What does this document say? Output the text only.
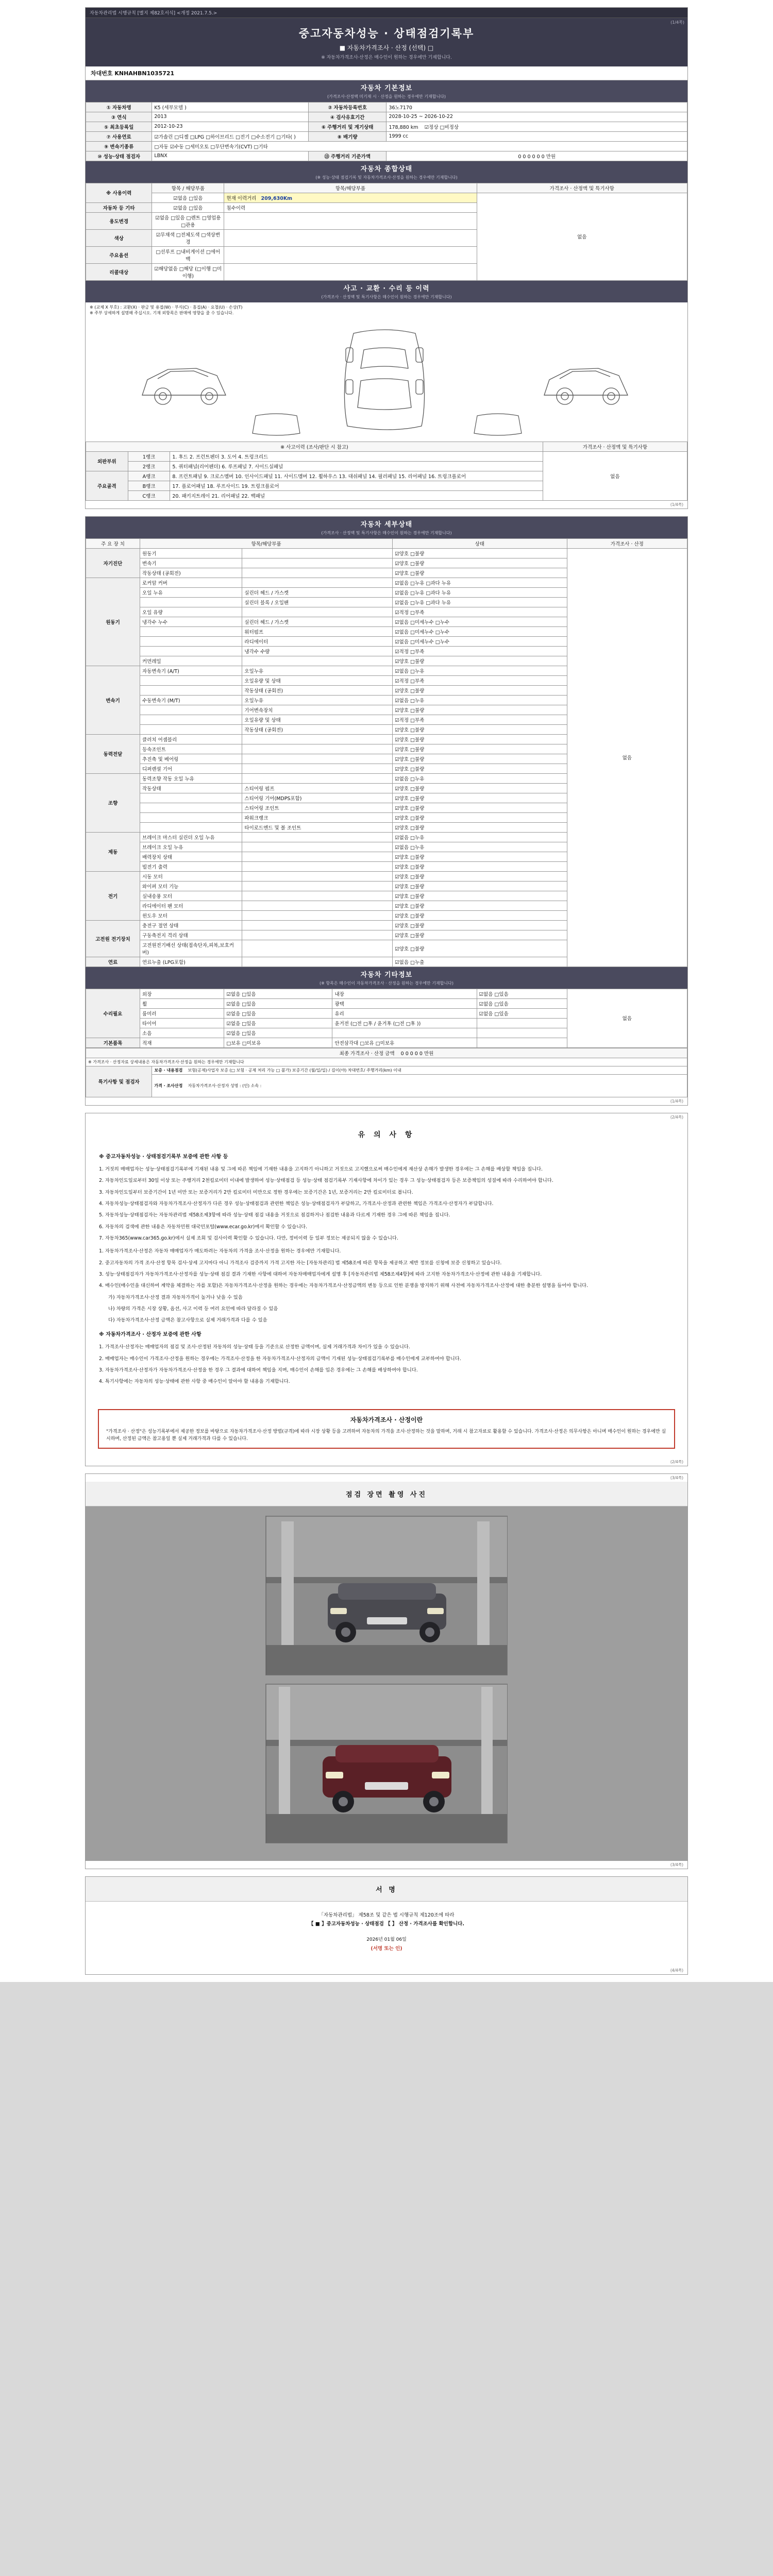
자동차관리법 시행규칙 [별지 제82호서식] <개정 2021.7.5.>
(1/4쪽)
중고자동차성능 · 상태점검기록부
■ 자동차가격조사 · 산정 (선택) □
※ 자동차가격조사·산정은 매수인이 원하는 경우에만 기재합니다.
차대번호 KNHAHBN1035721
자동차 기본정보
(가격조사·산정액 미기재 시 · 산정을 원하는 경우에만 기재합니다)
① 자동차명	K5 (세부모델 )	② 자동차등록번호	36노7170
③ 연식	2013	④ 검사유효기간	2028-10-25 ~ 2026-10-22
⑤ 최초등록일	2012-10-23	⑥ 주행거리 및 계기상태	178,880 km ☑정상 □비정상
⑦ 사용연료	☑가솔린 □디젤 □LPG □하이브리드 □전기 □수소전기 □기타( )	⑧ 배기량	1999 cc
⑨ 변속기종류	□자동 ☑수동 □세미오토 □무단변속기(CVT) □기타		
⑩ 성능·상태 점검자	LBNX	⑬ 주행거리 기준가액	0 0 0 0 0 0 만원
자동차 종합상태
(※ 성능·상태 점검기록 및 자동차가격조사·산정을 원하는 경우에만 기재합니다)
※ 사용이력	항목 / 해당부품	항목/해당부품	가격조사 · 산정액 및 특기사항
	☑없음 □있음	현재 이력거리 209,630Km	없음
자동차 등 기타	☑없음 □있음	침수이력	
용도변경	☑없음 □있음 □렌트 □영업용 □관용		
색상	☑무채색 □전체도색 □색상변경		
주요옵션	□선루프 □내비게이션 □에어백		
리콜대상	☑해당없음 □해당 (□이행 □미이행)		
사고 · 교환 · 수리 등 이력
(가격조사 · 산정액 및 특기사항은 매수인이 원하는 경우에만 기재합니다)
※ (교체 X 부호) : 교환(X) · 판금 및 용접(W) · 부식(C) · 흠집(A) · 요철(U) · 손상(T)
※ 주부 상세하게 설명해 주십시오. 기재 외항목은 판매에 영향을 줄 수 있습니다.
※ 사고이력 (조사/판단 시 참고)			가격조사 · 산정액 및 특기사항
외판부위	1랭크	1. 후드 2. 프런트펜더 3. 도어 4. 트렁크리드	없음
	2랭크	5. 쿼터패널(리어펜더) 6. 루프패널 7. 사이드실패널	
주요골격	A랭크	8. 프런트패널 9. 크로스멤버 10. 인사이드패널 11. 사이드멤버 12. 휠하우스 13. 대쉬패널 14. 필러패널 15. 리어패널 16. 트렁크플로어	
	B랭크	17. 플로어패널 18. 루프사이드 19. 트렁크플로어	
	C랭크	20. 패키지트레이 21. 리어패널 22. 백패널	
(1/4쪽)
자동차 세부상태
(가격조사 · 산정액 및 특기사항은 매수인이 원하는 경우에만 기재합니다)
주 요 장 치	항목/해당부품		상태	가격조사 · 산정
자기진단	원동기		☑양호 □불량	없음
	변속기		☑양호 □불량	
	작동상태 (공회전)		☑양호 □불량	
원동기	로커암 커버		☑없음 □누유 □과다 누유	
	오일 누유	실린더 헤드 / 가스켓	☑없음 □누유 □과다 누유	
		실린더 블록 / 오일팬	☑없음 □누유 □과다 누유	
	오일 유량		☑적정 □부족	
	냉각수 누수	실린더 헤드 / 가스켓	☑없음 □미세누수 □누수	
		워터펌프	☑없음 □미세누수 □누수	
		라디에이터	☑없음 □미세누수 □누수	
		냉각수 수량	☑적정 □부족	
	커먼레일		☑양호 □불량	
변속기	자동변속기 (A/T)	오일누유	☑없음 □누유	
		오일유량 및 상태	☑적정 □부족	
		작동상태 (공회전)	☑양호 □불량	
	수동변속기 (M/T)	오일누유	☑없음 □누유	
		기어변속장치	☑양호 □불량	
		오일유량 및 상태	☑적정 □부족	
		작동상태 (공회전)	☑양호 □불량	
동력전달	클러치 어셈블리		☑양호 □불량	
	등속조인트		☑양호 □불량	
	추진축 및 베어링		☑양호 □불량	
	디퍼렌셜 기어		☑양호 □불량	
조향	동력조향 작동 오일 누유		☑없음 □누유	
	작동상태	스티어링 펌프	☑양호 □불량	
		스티어링 기어(MDPS포함)	☑양호 □불량	
		스티어링 조인트	☑양호 □불량	
		파워크랭크	☑양호 □불량	
		타이로드엔드 및 볼 조인트	☑양호 □불량	
제동	브레이크 마스터 실린더 오일 누유		☑없음 □누유	
	브레이크 오일 누유		☑없음 □누유	
	배력장치 상태		☑양호 □불량	
	빌전기 출력		☑양호 □불량	
전기	시동 모터		☑양호 □불량	
	와이퍼 모터 기능		☑양호 □불량	
	실내송풍 모터		☑양호 □불량	
	라디에이터 팬 모터		☑양호 □불량	
	윈도우 모터		☑양호 □불량	
고전원 전기장치	충전구 절연 상태		☑양호 □불량	
	구동축전지 격리 상태		☑양호 □불량	
	고전원전기배선 상태(접속단자,피복,보호커버)		☑양호 □불량	
연료	연료누출 (LPG포함)		☑없음 □누출	
자동차 기타정보
(※ 항목은 매수인이 자동차가격조사 · 산정을 원하는 경우에만 기재합니다)
수리필요	외장	☑없음 □있음	내장	☑없음 □있음	없음
	휠	☑없음 □있음	광택	☑없음 □있음	
	룸미러	☑없음 □있음	유리	☑없음 □있음	
	타이어	☑없음 □있음	윤거전 (□전 □후 / 윤거후 (□전 □후 ))		
	소음	☑없음 □있음			
기본품목	적재	□보유 □미보유	안전삼각대 □보유 □미보유		
최종 가격조사 · 산정 금액 0 0 0 0 0 만원
※ 가격조사 · 산정자료 상세내용은 자동차가격조사·산정을 원하는 경우에만 기재합니다
특기사항 및 점검자	보증 · 내용점검 보험(공제)사업자 보증 (□ 보험 · 공제 처리 가능 □ 불가) 보증기간 (월/일/일) / 길이(야) 차대번호/ 주행거리(km) 이내
가격 · 조사산정 자동차가격조사·산정자 성명 : (인) 소속 :
(1/4쪽)
(2/4쪽)
유 의 사 항
※ 중고자동차성능 · 상태점검기록부 보증에 관한 사항 등

1. 거짓의 매매업자는 성능·상태점검기록부에 기재된 내용 및 그에 따른 책임에 기재한 내용을 고지하기 아니하고 거짓으로 고지했으로써 매수인에게 재산상 손해가 발생한 경우에는 그 손해를 배상할 책임을 집니다.

2. 자동차인도일로부터 30일 이상 또는 주행거리 2천킬로미터 이내에 발생하여 성능·상태점검 등 성능·상태 점검기록부 기재사항에 차이가 있는 경우 그 성능·상태점검자 등은 보증책임의 성질에 따라 수리하여야 합니다.

3. 자동차인도일부터 보증기간이 1년 미만 또는 보증거리가 2만 킬로미터 미만으로 정한 경우에는 보증기간은 1년, 보증거리는 2만 킬로미터로 봅니다.

4. 자동차성능·상태점검자와 자동차가격조사·산정자가 다른 경우 성능·상태점검과 관련한 책임은 성능·상태점검자가 부담하고, 가격조사·산정과 관련한 책임은 가격조사·산정자가 부담합니다.

5. 자동차성능·상태점검자는 자동차관리법 제58조제3항에 따라 성능·상태 점검 내용을 거짓으로 점검하거나 점검한 내용과 다르게 기재한 경우 그에 따른 책임을 집니다.

6. 자동차의 검색에 관한 내용은 자동차민원 대국민포털(www.ecar.go.kr)에서 확인할 수 있습니다.

7. 자동차365(www.car365.go.kr)에서 실제 조회 및 검사이력 확인할 수 있습니다. 다만, 정비이력 등 일부 정보는 제공되지 않을 수 있습니다.

1. 자동차가격조사·산정은 자동차 매매업자가 매도하려는 자동차의 가격을 조사·산정을 원하는 경우에만 기재합니다.

2. 중고자동차의 가격 조사·산정 항목 검사·상세 고지마다 아니 가격조사 검증까지 가격 고지한 자는 [자동차관리] 법 제58조에 따른 항목을 제공하고 제반 정보를 신청에 보증 신청하고 있습니다.

3. 성능·상태점검자가 자동차가격조사·산정자를 성능·상태 점검 결과 기재한 사항에 대하여 자동차매매업자에게 설명 후 [자동차관리법 제58조제4항]에 따라 고지한 자동차가격조사·산정에 관한 내용을 기재합니다.

4. 매수인(매수인을 대신하여 계약을 체결하는 자를 포함)은 자동차가격조사·산정을 원하는 경우에는 자동차가격조사·산정금액의 변동 등으로 인한 분쟁을 방지하기 위해 사전에 자동차가격조사·산정에 대한 충분한 설명을 들어야 합니다.

가) 자동차가격조사·산정 결과 자동차가격이 높거나 낮을 수 있음

나) 차량의 가격은 시장 상황, 옵션, 사고 이력 등 여러 요인에 따라 달라질 수 있음

다) 자동차가격조사·산정 금액은 참고사항으로 실제 거래가격과 다를 수 있음

※ 자동차가격조사 · 산정자 보증에 관한 사항

1. 가격조사·산정자는 매매업자의 점검 및 조사·산정된 자동차의 성능·상태 등을 기준으로 산정한 금액이며, 실제 거래가격과 차이가 있을 수 있습니다.

2. 매매업자는 매수인이 가격조사·산정을 원하는 경우에는 가격조사·산정을 한 자동차가격조사·산정자의 금액이 기재된 성능·상태점검기록부를 매수인에게 교부하여야 합니다.

3. 자동차가격조사·산정자가 자동차가격조사·산정을 한 경우 그 결과에 대하여 책임을 지며, 매수인이 손해를 입은 경우에는 그 손해를 배상하여야 합니다.

4. 특기사항에는 자동차의 성능·상태에 관한 사항 중 매수인이 알아야 할 내용을 기재합니다.

자동차가격조사 · 산정이란

"가격조사 · 산정"은 성능기록부에서 제공한 정보를 바탕으로 자동차가격조사·산정 방법(규격)에 따라 시장 상황 등을 고려하여 자동차의 가격을 조사·산정하는 것을 말하며, 거래 시 참고자료로 활용할 수 있습니다. 가격조사·산정은 의무사항은 아니며 매수인이 원하는 경우에만 실시하며, 산정된 금액은 참고용일 뿐 실제 거래가격과 다를 수 있습니다.

(2/4쪽)
(3/4쪽)
점검 장면 촬영 사진
(3/4쪽)
서 명
「자동차관리법」 제58조 및 같은 법 시행규칙 제120조에 따라
【 ■ 】중고자동차성능 · 상태점검 【 】 산정 · 가격조사를 확인합니다.
2026년 01월 06일
(서명 또는 인)
(4/4쪽)
